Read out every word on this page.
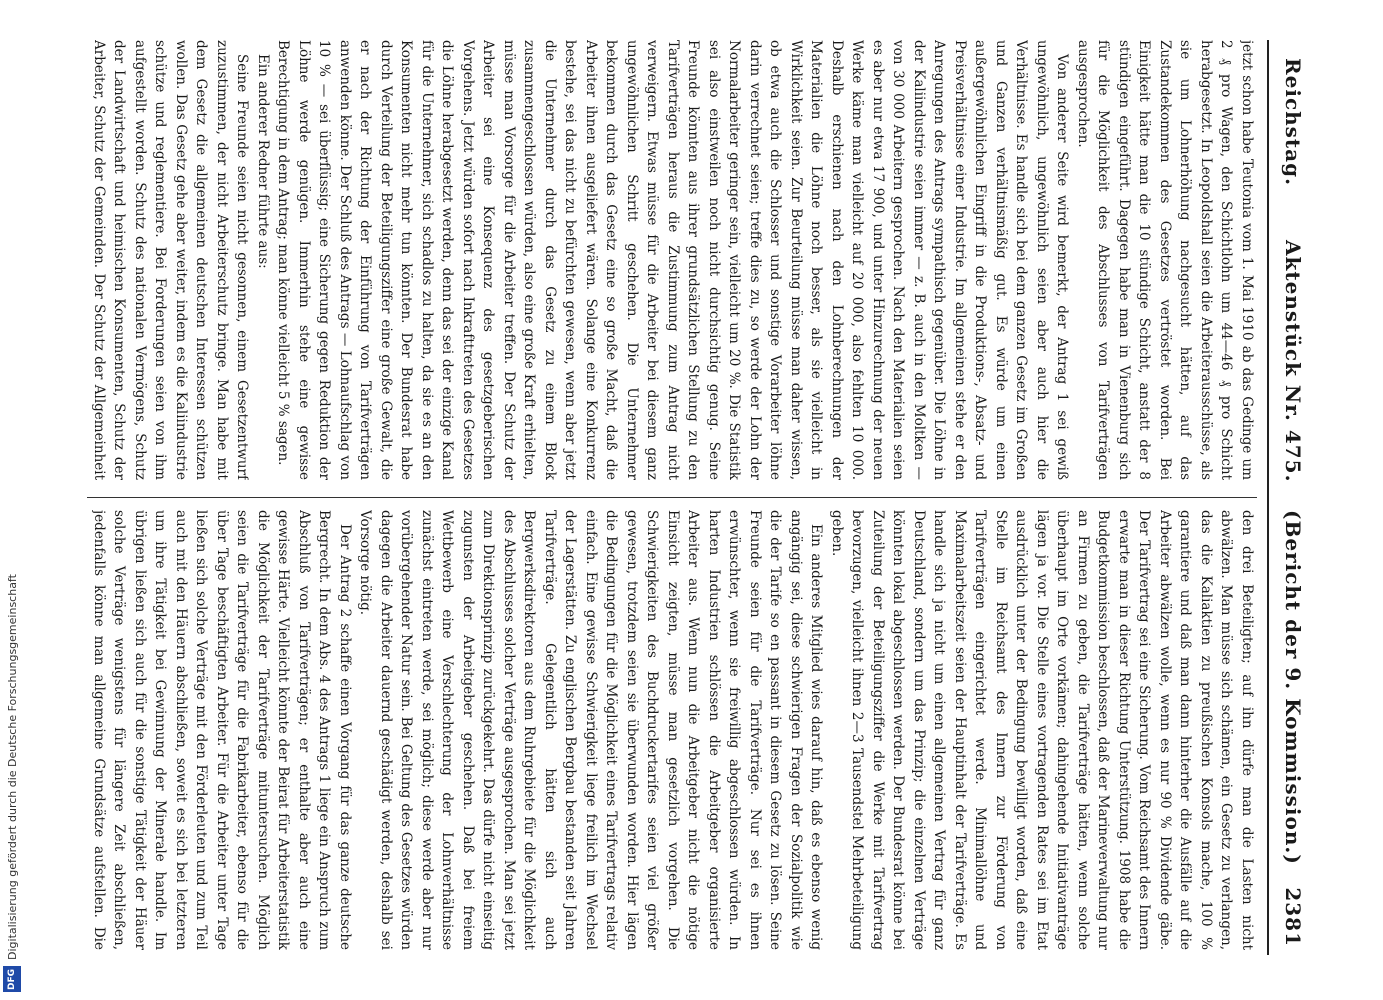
Reichstag.
Aktenstück Nr. 475.
(Bericht der 9. Kommission.)
2381

jetzt schon habe Teutonia vom 1. Mai 1910 ab das Gedinge um 2 ₰ pro Wagen, den Schichtlohn um 44—46 ₰ pro Schicht herabgesetzt. In Leopoldshall seien die Arbeiterausschüsse, als sie um Lohnerhöhung nachgesucht hätten, auf das Zustandekommen des Gesetzes vertröstet worden. Bei Einigkeit hätte man die 10 stündige Schicht, anstatt der 8 stündigen eingeführt. Dagegen habe man in Vienenburg sich für die Möglichkeit des Abschlusses von Tarifverträgen ausgesprochen.

Von anderer Seite wird bemerkt, der Antrag 1 sei gewiß ungewöhnlich, ungewöhnlich seien aber auch hier die Verhältnisse. Es handle sich bei dem ganzen Gesetz im Großen und Ganzen verhältnismäßig gut. Es würde um einen außergewöhnlichen Eingriff in die Produktions-, Absatz- und Preisverhältnisse einer Industrie. Im allgemeinen stehe er den Anregungen des Antrags sympathisch gegenüber. Die Löhne in der Kaliindustrie seien immer — z. B. auch in den Moltken — von 30 000 Arbeitern gesprochen. Nach den Materialien seien es aber nur etwa 17 900, und unter Hinzurechnung der neuen Werke käme man vielleicht auf 20 000, also fehlten 10 000. Deshalb erschienen nach den Lohnberechnungen der Materialien die Löhne noch besser, als sie vielleicht in Wirklichkeit seien. Zur Beurteilung müsse man daher wissen, ob etwa auch die Schlosser und sonstige Vorarbeiter löhne darin verrechnet seien; treffe dies zu, so werde der Lohn der Normalarbeiter geringer sein, vielleicht um 20 %. Die Statistik sei also einstweilen noch nicht durchsichtig genug. Seine Freunde könnten aus ihrer grundsätzlichen Stellung zu den Tarifverträgen heraus die Zustimmung zum Antrag nicht verweigern. Etwas müsse für die Arbeiter bei diesem ganz ungewöhnlichen Schritt geschehen. Die Unternehmer bekommen durch das Gesetz eine so große Macht, daß die Arbeiter ihnen ausgeliefert wären. Solange eine Konkurrenz bestehe, sei das nicht zu befürchten gewesen, wenn aber jetzt die Unternehmer durch das Gesetz zu einem Block zusammengeschlossen würden, also eine große Kraft erhielten, müsse man Vorsorge für die Arbeiter treffen. Der Schutz der Arbeiter sei eine Konsequenz des gesetzgeberischen Vorgehens. Jetzt würden sofort nach Inkrafttreten des Gesetzes die Löhne herabgesetzt werden, denn das sei der einzige Kanal für die Unternehmer, sich schadlos zu halten, da sie es an den Konsumenten nicht mehr tun könnten. Der Bundesrat habe durch Verteilung der Beteiligungsziffer eine große Gewalt, die er nach der Richtung der Einführung von Tarifverträgen anwenden könne. Der Schluß des Antrags — Lohnaufschlag von 10 % — sei überflüssig; eine Sicherung gegen Reduktion der Löhne werde genügen. Immerhin stehe eine gewisse Berechtigung in dem Antrag; man könne vielleicht 5 % sagen.

Ein anderer Redner führte aus:

Seine Freunde seien nicht gesonnen, einem Gesetzentwurf zuzustimmen, der nicht Arbeiterschutz bringe. Man habe mit dem Gesetz die allgemeinen deutschen Interessen schützen wollen. Das Gesetz gehe aber weiter, indem es die Kaliindustrie schütze und reglementiere. Bei Forderungen seien von ihm aufgestellt worden. Schutz des nationalen Vermögens, Schutz der Landwirtschaft und heimischen Konsumenten, Schutz der Arbeiter, Schutz der Gemeinden. Der Schutz der Allgemeinheit

den drei Beteiligten; auf ihn dürfe man die Lasten nicht abwälzen. Man müsse sich schämen, ein Gesetz zu verlangen, das die Kaliaktien zu preußischen Konsols mache, 100 % garantiere und daß man dann hinterher die Ausfälle auf die Arbeiter abwälzen wolle, wenn es nur 90 % Dividende gäbe. Der Tarifvertrag sei eine Sicherung. Vom Reichsamt des Innern erwarte man in dieser Richtung Unterstützung. 1908 habe die Budgetkommission beschlossen, daß der Marineverwaltung nur an Firmen zu geben, die Tarifverträge hätten, wenn solche überhaupt im Orte vorkämen; dahingehende Initiativanträge lägen ja vor. Die Stelle eines vortragenden Rates sei im Etat ausdrücklich unter der Bedingung bewilligt worden, daß eine Stelle im Reichsamt des Innern zur Förderung von Tarifverträgen eingerichtet werde. Minimallöhne und Maximalarbeitszeit seien der Hauptinhalt der Tarifverträge. Es handle sich ja nicht um einen allgemeinen Vertrag für ganz Deutschland, sondern um das Prinzip; die einzelnen Verträge könnten lokal abgeschlossen werden. Der Bundesrat könne bei Zuteilung der Beteiligungsziffer die Werke mit Tarifvertrag bevorzugen, vielleicht ihnen 2—3 Tausendstel Mehrbeteiligung geben.

Ein anderes Mitglied wies darauf hin, daß es ebenso wenig angängig sei, diese schwierigen Fragen der Sozialpolitik wie die der Tarife so en passant in diesem Gesetz zu lösen. Seine Freunde seien für die Tarifverträge. Nur sei es ihnen erwünschter, wenn sie freiwillig abgeschlossen würden. In harten Industrien schlössen die Arbeitgeber organisierte Arbeiter aus. Wenn nun die Arbeitgeber nicht die nötige Einsicht zeigten, müsse man gesetzlich vorgehen. Die Schwierigkeiten des Buchdruckertarifes seien viel größer gewesen, trotzdem seien sie überwunden worden. Hier lägen die Bedingungen für die Möglichkeit eines Tarifvertrags relativ einfach. Eine gewisse Schwierigkeit liege freilich im Wechsel der Lagerstätten. Zu englischen Bergbau bestanden seit Jahren Tarifverträge. Gelegentlich hätten sich auch Bergwerksdirektoren aus dem Ruhrgebiete für die Möglichkeit des Abschlusses solcher Verträge ausgesprochen. Man sei jetzt zum Direktionsprinzip zurückgekehrt. Das dürfe nicht einseitig zugunsten der Arbeitgeber geschehen. Daß bei freiem Wettbewerb eine Verschlechterung der Lohnverhältnisse zunächst eintreten werde, sei möglich; diese werde aber nur vorübergehender Natur sein. Bei Geltung des Gesetzes würden dagegen die Arbeiter dauernd geschädigt werden, deshalb sei Vorsorge nötig.

Der Antrag 2 schaffe einen Vorgang für das ganze deutsche Bergrecht. In dem Abs. 4 des Antrags 1 liege ein Anspruch zum Abschluß von Tarifverträgen; er enthalte aber auch eine gewisse Härte. Vielleicht könnte der Beirat für Arbeiterstatistik die Möglichkeit der Tarifverträge mituntersuchen. Möglich seien die Tarifverträge für die Fabrikarbeiter, ebenso für die über Tage beschäftigten Arbeiter. Für die Arbeiter unter Tage ließen sich solche Verträge mit den Förderleuten und zum Teil auch mit den Häuern abschließen, soweit es sich bei letzteren um ihre Tätigkeit bei Gewinnung der Minerale handle. Im übrigen ließen sich auch für die sonstige Tätigkeit der Häuer solche Verträge wenigstens für längere Zeit abschließen, jedenfalls könne man allgemeine Grundsätze aufstellen. Die

Digitalisierung gefördert durch die Deutsche Forschungsgemeinschaft
DFG
